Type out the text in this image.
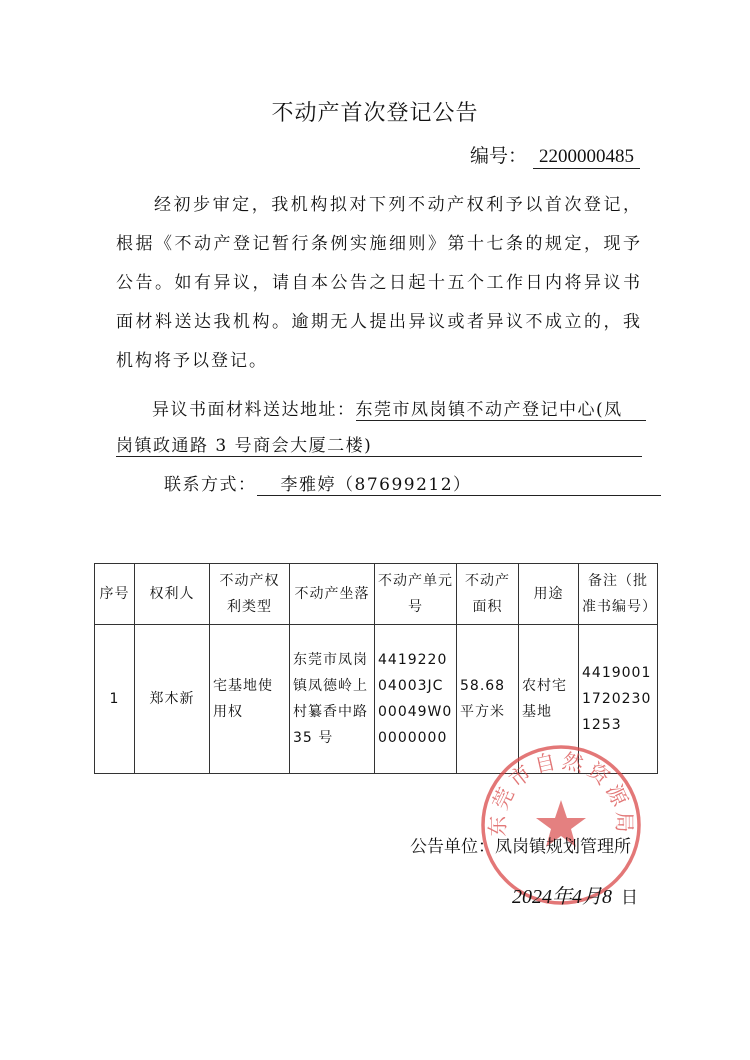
不动产首次登记公告
编号： 2200000485
经初步审定，我机构拟对下列不动产权利予以首次登记，根据《不动产登记暂行条例实施细则》第十七条的规定，现予公告。如有异议，请自本公告之日起十五个工作日内将异议书面材料送达我机构。逾期无人提出异议或者异议不成立的，我机构将予以登记。
异议书面材料送达地址：东莞市凤岗镇不动产登记中心(凤
岗镇政通路 3 号商会大厦二楼)
联系方式： 李雅婷（87699212）
序号	权利人	不动产权利类型	不动产坐落	不动产单元号	不动产面积	用途	备注（批准书编号）
1	郑木新	宅基地使用权	东莞市凤岗镇凤德岭上村纂香中路 35 号	441922004003JC00049W00000000	58.68 平方米	农村宅基地	441900117202301253
东莞市自然资源局
公告单位：凤岗镇规划管理所
2024年4月8 日
